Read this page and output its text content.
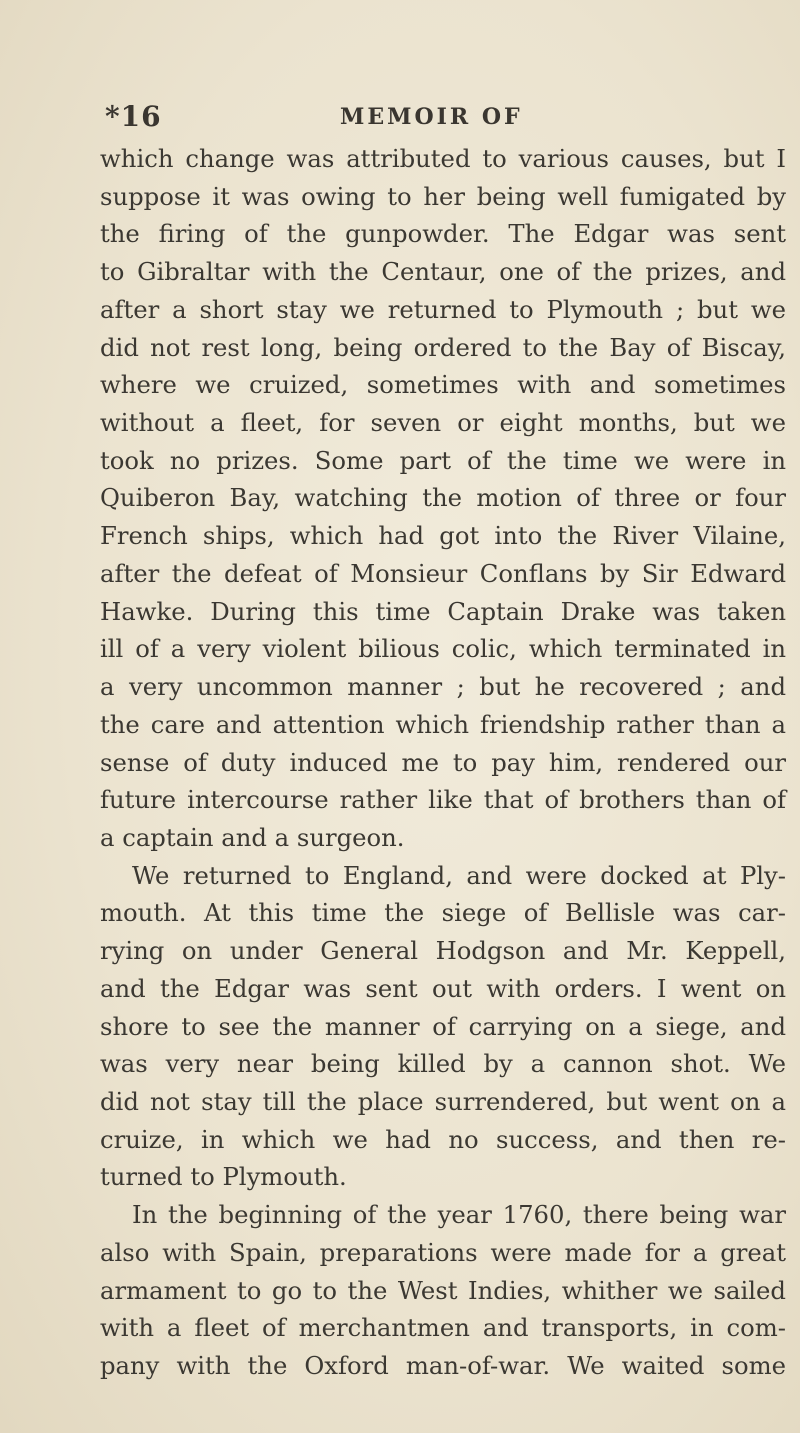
*16	MEMOIR OF
which change was attributed to various causes, but I
suppose it was owing to her being well fumigated by
the firing of the gunpowder. The Edgar was sent
to Gibraltar with the Centaur, one of the prizes, and
after a short stay we returned to Plymouth ; but we
did not rest long, being ordered to the Bay of Biscay,
where we cruized, sometimes with and sometimes
without a fleet, for seven or eight months, but we
took no prizes. Some part of the time we were in
Quiberon Bay, watching the motion of three or four
French ships, which had got into the River Vilaine,
after the defeat of Monsieur Conflans by Sir Edward
Hawke. During this time Captain Drake was taken
ill of a very violent bilious colic, which terminated in
a very uncommon manner ; but he recovered ; and
the care and attention which friendship rather than a
sense of duty induced me to pay him, rendered our
future intercourse rather like that of brothers than of
a captain and a surgeon.
We returned to England, and were docked at Ply-
mouth. At this time the siege of Bellisle was car-
rying on under General Hodgson and Mr. Keppell,
and the Edgar was sent out with orders. I went on
shore to see the manner of carrying on a siege, and
was very near being killed by a cannon shot. We
did not stay till the place surrendered, but went on a
cruize, in which we had no success, and then re-
turned to Plymouth.
In the beginning of the year 1760, there being war
also with Spain, preparations were made for a great
armament to go to the West Indies, whither we sailed
with a fleet of merchantmen and transports, in com-
pany with the Oxford man-of-war. We waited some
